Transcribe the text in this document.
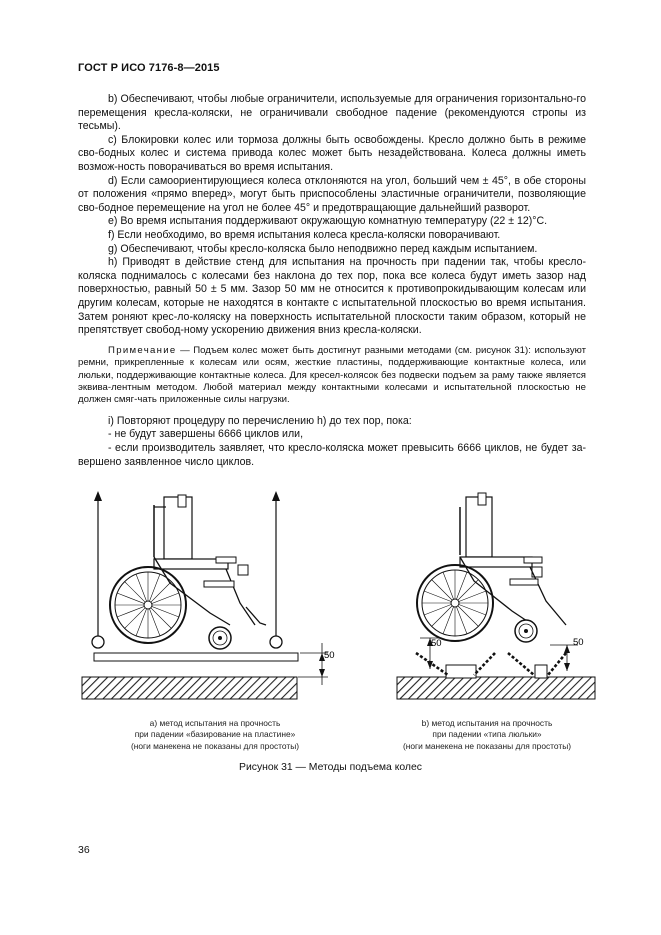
ГОСТ Р ИСО 7176-8—2015

b) Обеспечивают, чтобы любые ограничители, используемые для ограничения горизонтально-го перемещения кресла-коляски, не ограничивали свободное падение (рекомендуются стропы из тесьмы).

c) Блокировки колес или тормоза должны быть освобождены. Кресло должно быть в режиме сво-бодных колес и система привода колес может быть незадействована. Колеса должны иметь возмож-ность поворачиваться во время испытания.

d) Если самоориентирующиеся колеса отклоняются на угол, больший чем ± 45°, в обе стороны от положения «прямо вперед», могут быть приспособлены эластичные ограничители, позволяющие сво-бодное перемещение на угол не более 45° и предотвращающие дальнейший разворот.

e) Во время испытания поддерживают окружающую комнатную температуру (22 ± 12)°С.

f) Если необходимо, во время испытания колеса кресла-коляски поворачивают.

g) Обеспечивают, чтобы кресло-коляска было неподвижно перед каждым испытанием.

h) Приводят в действие стенд для испытания на прочность при падении так, чтобы кресло-коляска поднималось с колесами без наклона до тех пор, пока все колеса будут иметь зазор над поверхностью, равный 50 ± 5 мм. Зазор 50 мм не относится к противопрокидывающим колесам или другим колесам, которые не находятся в контакте с испытательной плоскостью во время испытания. Затем роняют крес-ло-коляску на поверхность испытательной плоскости таким образом, который не препятствует свобод-ному ускорению движения вниз кресла-коляски.

Примечание — Подъем колес может быть достигнут разными методами (см. рисунок 31): используют ремни, прикрепленные к колесам или осям, жесткие пластины, поддерживающие контактные колеса, или люльки, поддерживающие контактные колеса. Для кресел-колясок без подвески подъем за раму также является эквива-лентным методом. Любой материал между контактными колесами и испытательной плоскостью не должен смяг-чать приложенные силы нагрузки.

i) Повторяют процедуру по перечислению h) до тех пор, пока:

- не будут завершены 6666 циклов или,

- если производитель заявляет, что кресло-коляска может превысить 6666 циклов, не будет за-вершено заявленное число циклов.

50
50	50
а) метод испытания на прочность
при падении «базирование на пластине»
(ноги манекена не показаны для простоты)
b) метод испытания на прочность
при падении «типа люльки»
(ноги манекена не показаны для простоты)
Рисунок 31 — Методы подъема колес
36
